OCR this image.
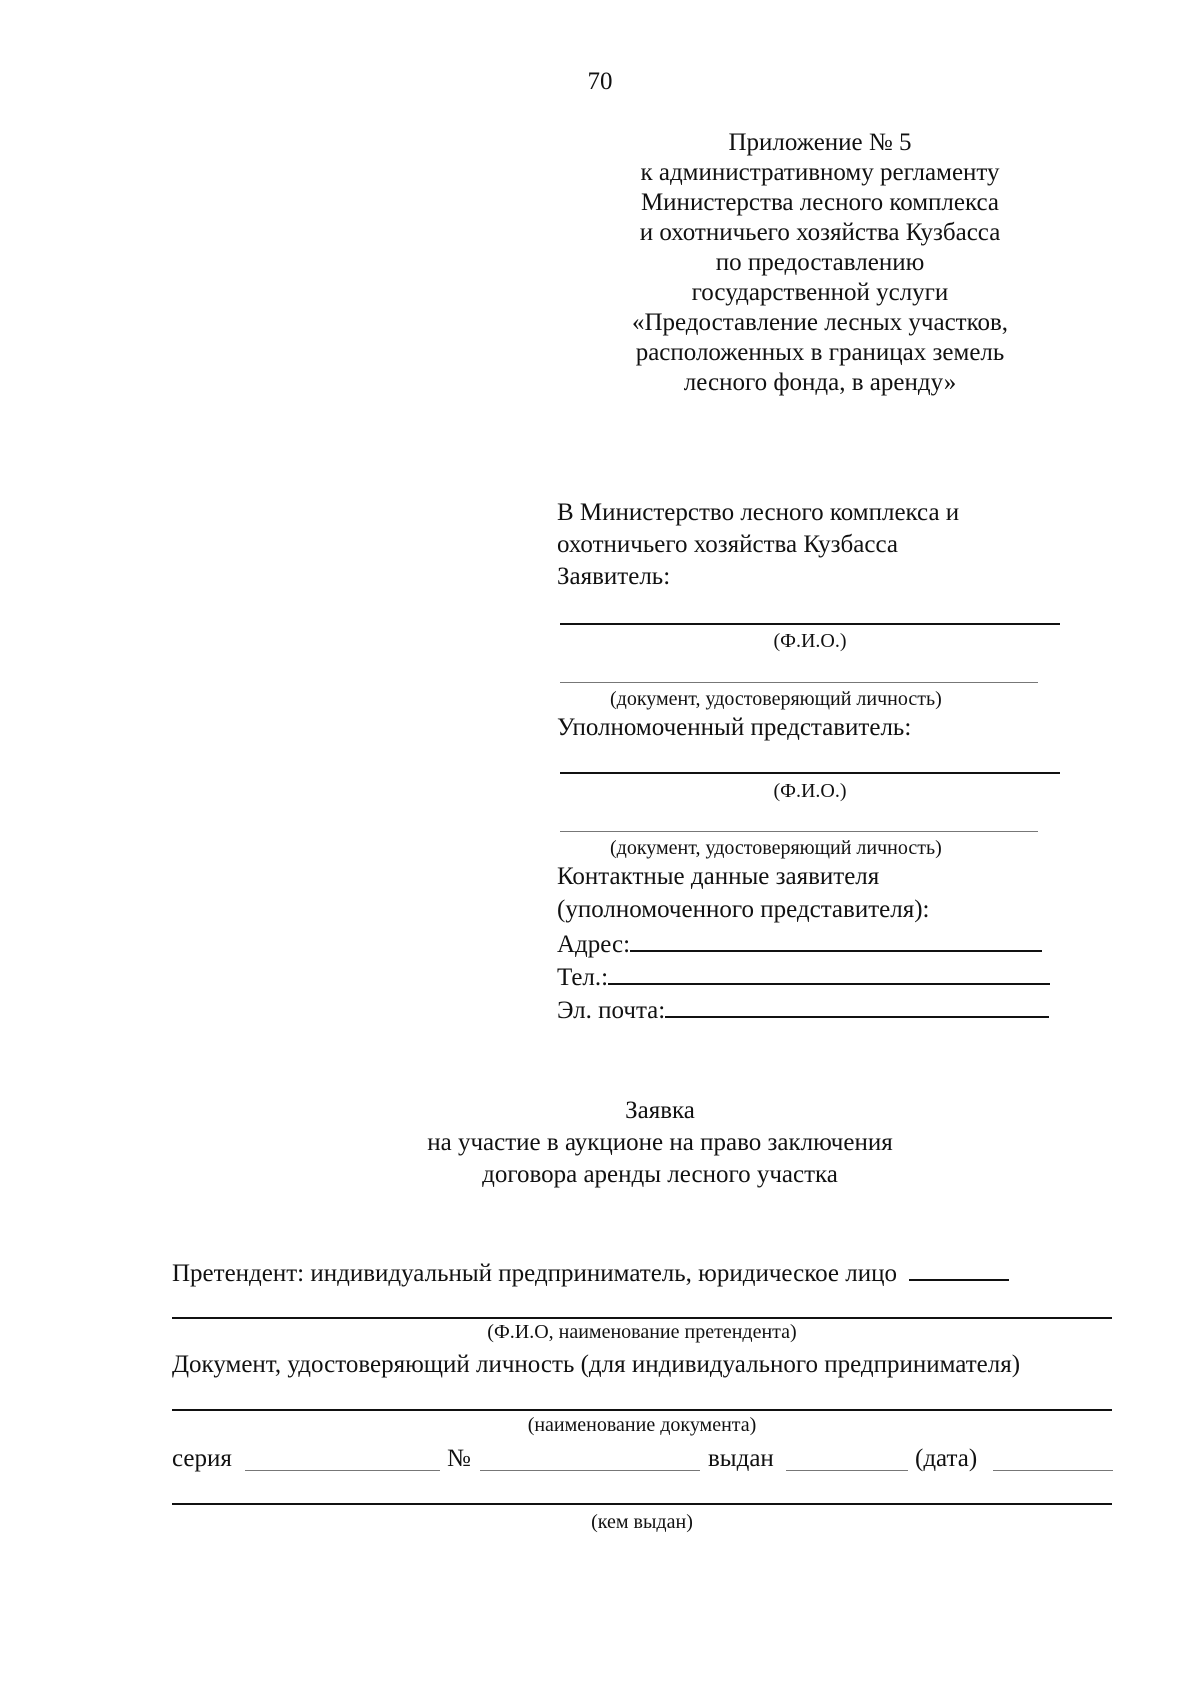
70
Приложение № 5
к административному регламенту
Министерства лесного комплекса
и охотничьего хозяйства Кузбасса
по предоставлению
государственной услуги
«Предоставление лесных участков,
расположенных в границах земель
лесного фонда, в аренду»
В Министерство лесного комплекса и
охотничьего хозяйства Кузбасса
Заявитель:
(Ф.И.О.)
(документ, удостоверяющий личность)
Уполномоченный представитель:
(Ф.И.О.)
(документ, удостоверяющий личность)
Контактные данные заявителя
(уполномоченного представителя):
Адрес:
Тел.:
Эл. почта:
Заявка
на участие в аукционе на право заключения
договора аренды лесного участка
Претендент: индивидуальный предприниматель, юридическое лицо
(Ф.И.О, наименование претендента)
Документ, удостоверяющий личность (для индивидуального предпринимателя)
(наименование документа)
серия	№	выдан	(дата)
(кем выдан)
